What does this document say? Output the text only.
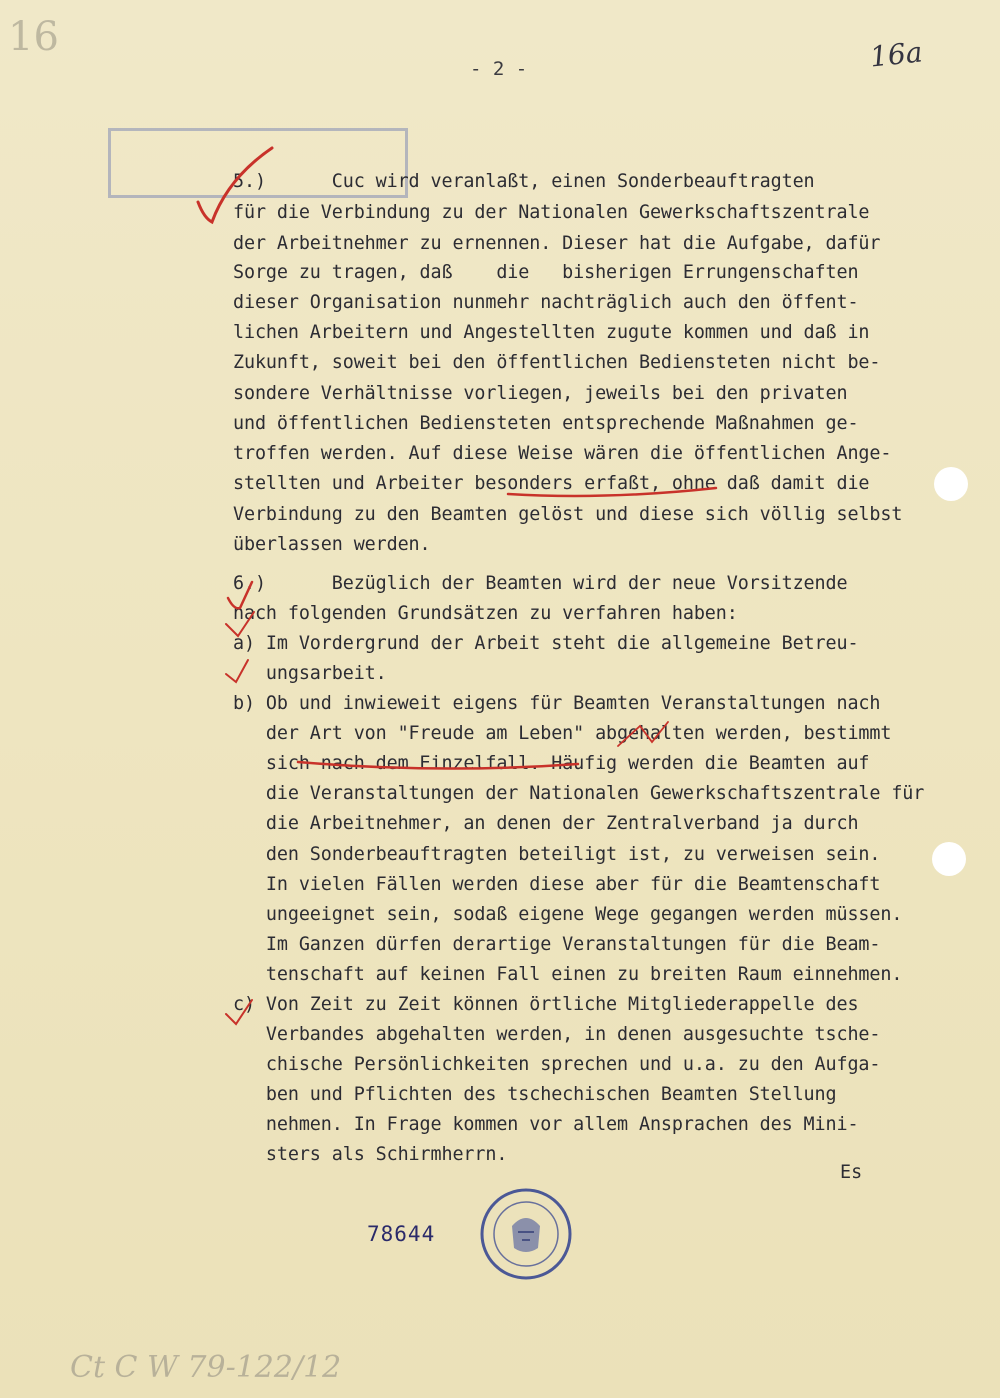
16
- 2 -	16a
5.)      Cuc wird veranlaßt, einen Sonderbeauftragten
für die Verbindung zu der Nationalen Gewerkschaftszentrale
der Arbeitnehmer zu ernennen. Dieser hat die Aufgabe, dafür
Sorge zu tragen, daß    die   bisherigen Errungenschaften
dieser Organisation nunmehr nachträglich auch den öffent-
lichen Arbeitern und Angestellten zugute kommen und daß in
Zukunft, soweit bei den öffentlichen Bediensteten nicht be-
sondere Verhältnisse vorliegen, jeweils bei den privaten
und öffentlichen Bediensteten entsprechende Maßnahmen ge-
troffen werden. Auf diese Weise wären die öffentlichen Ange-
stellten und Arbeiter besonders erfaßt, ohne daß damit die
Verbindung zu den Beamten gelöst und diese sich völlig selbst
überlassen werden.
6.)      Bezüglich der Beamten wird der neue Vorsitzende
nach folgenden Grundsätzen zu verfahren haben:
a) Im Vordergrund der Arbeit steht die allgemeine Betreu-
ungsarbeit.
b) Ob und inwieweit eigens für Beamten Veranstaltungen nach
der Art von "Freude am Leben" abgehalten werden, bestimmt
sich nach dem Einzelfall. Häufig werden die Beamten auf
die Veranstaltungen der Nationalen Gewerkschaftszentrale für
die Arbeitnehmer, an denen der Zentralverband ja durch
den Sonderbeauftragten beteiligt ist, zu verweisen sein.
In vielen Fällen werden diese aber für die Beamtenschaft
ungeeignet sein, sodaß eigene Wege gegangen werden müssen.
Im Ganzen dürfen derartige Veranstaltungen für die Beam-
tenschaft auf keinen Fall einen zu breiten Raum einnehmen.
c) Von Zeit zu Zeit können örtliche Mitgliederappelle des
Verbandes abgehalten werden, in denen ausgesuchte tsche-
chische Persönlichkeiten sprechen und u.a. zu den Aufga-
ben und Pflichten des tschechischen Beamten Stellung
nehmen. In Frage kommen vor allem Ansprachen des Mini-
sters als Schirmherrn.
Es
78644
Ct C W 79-122/12
